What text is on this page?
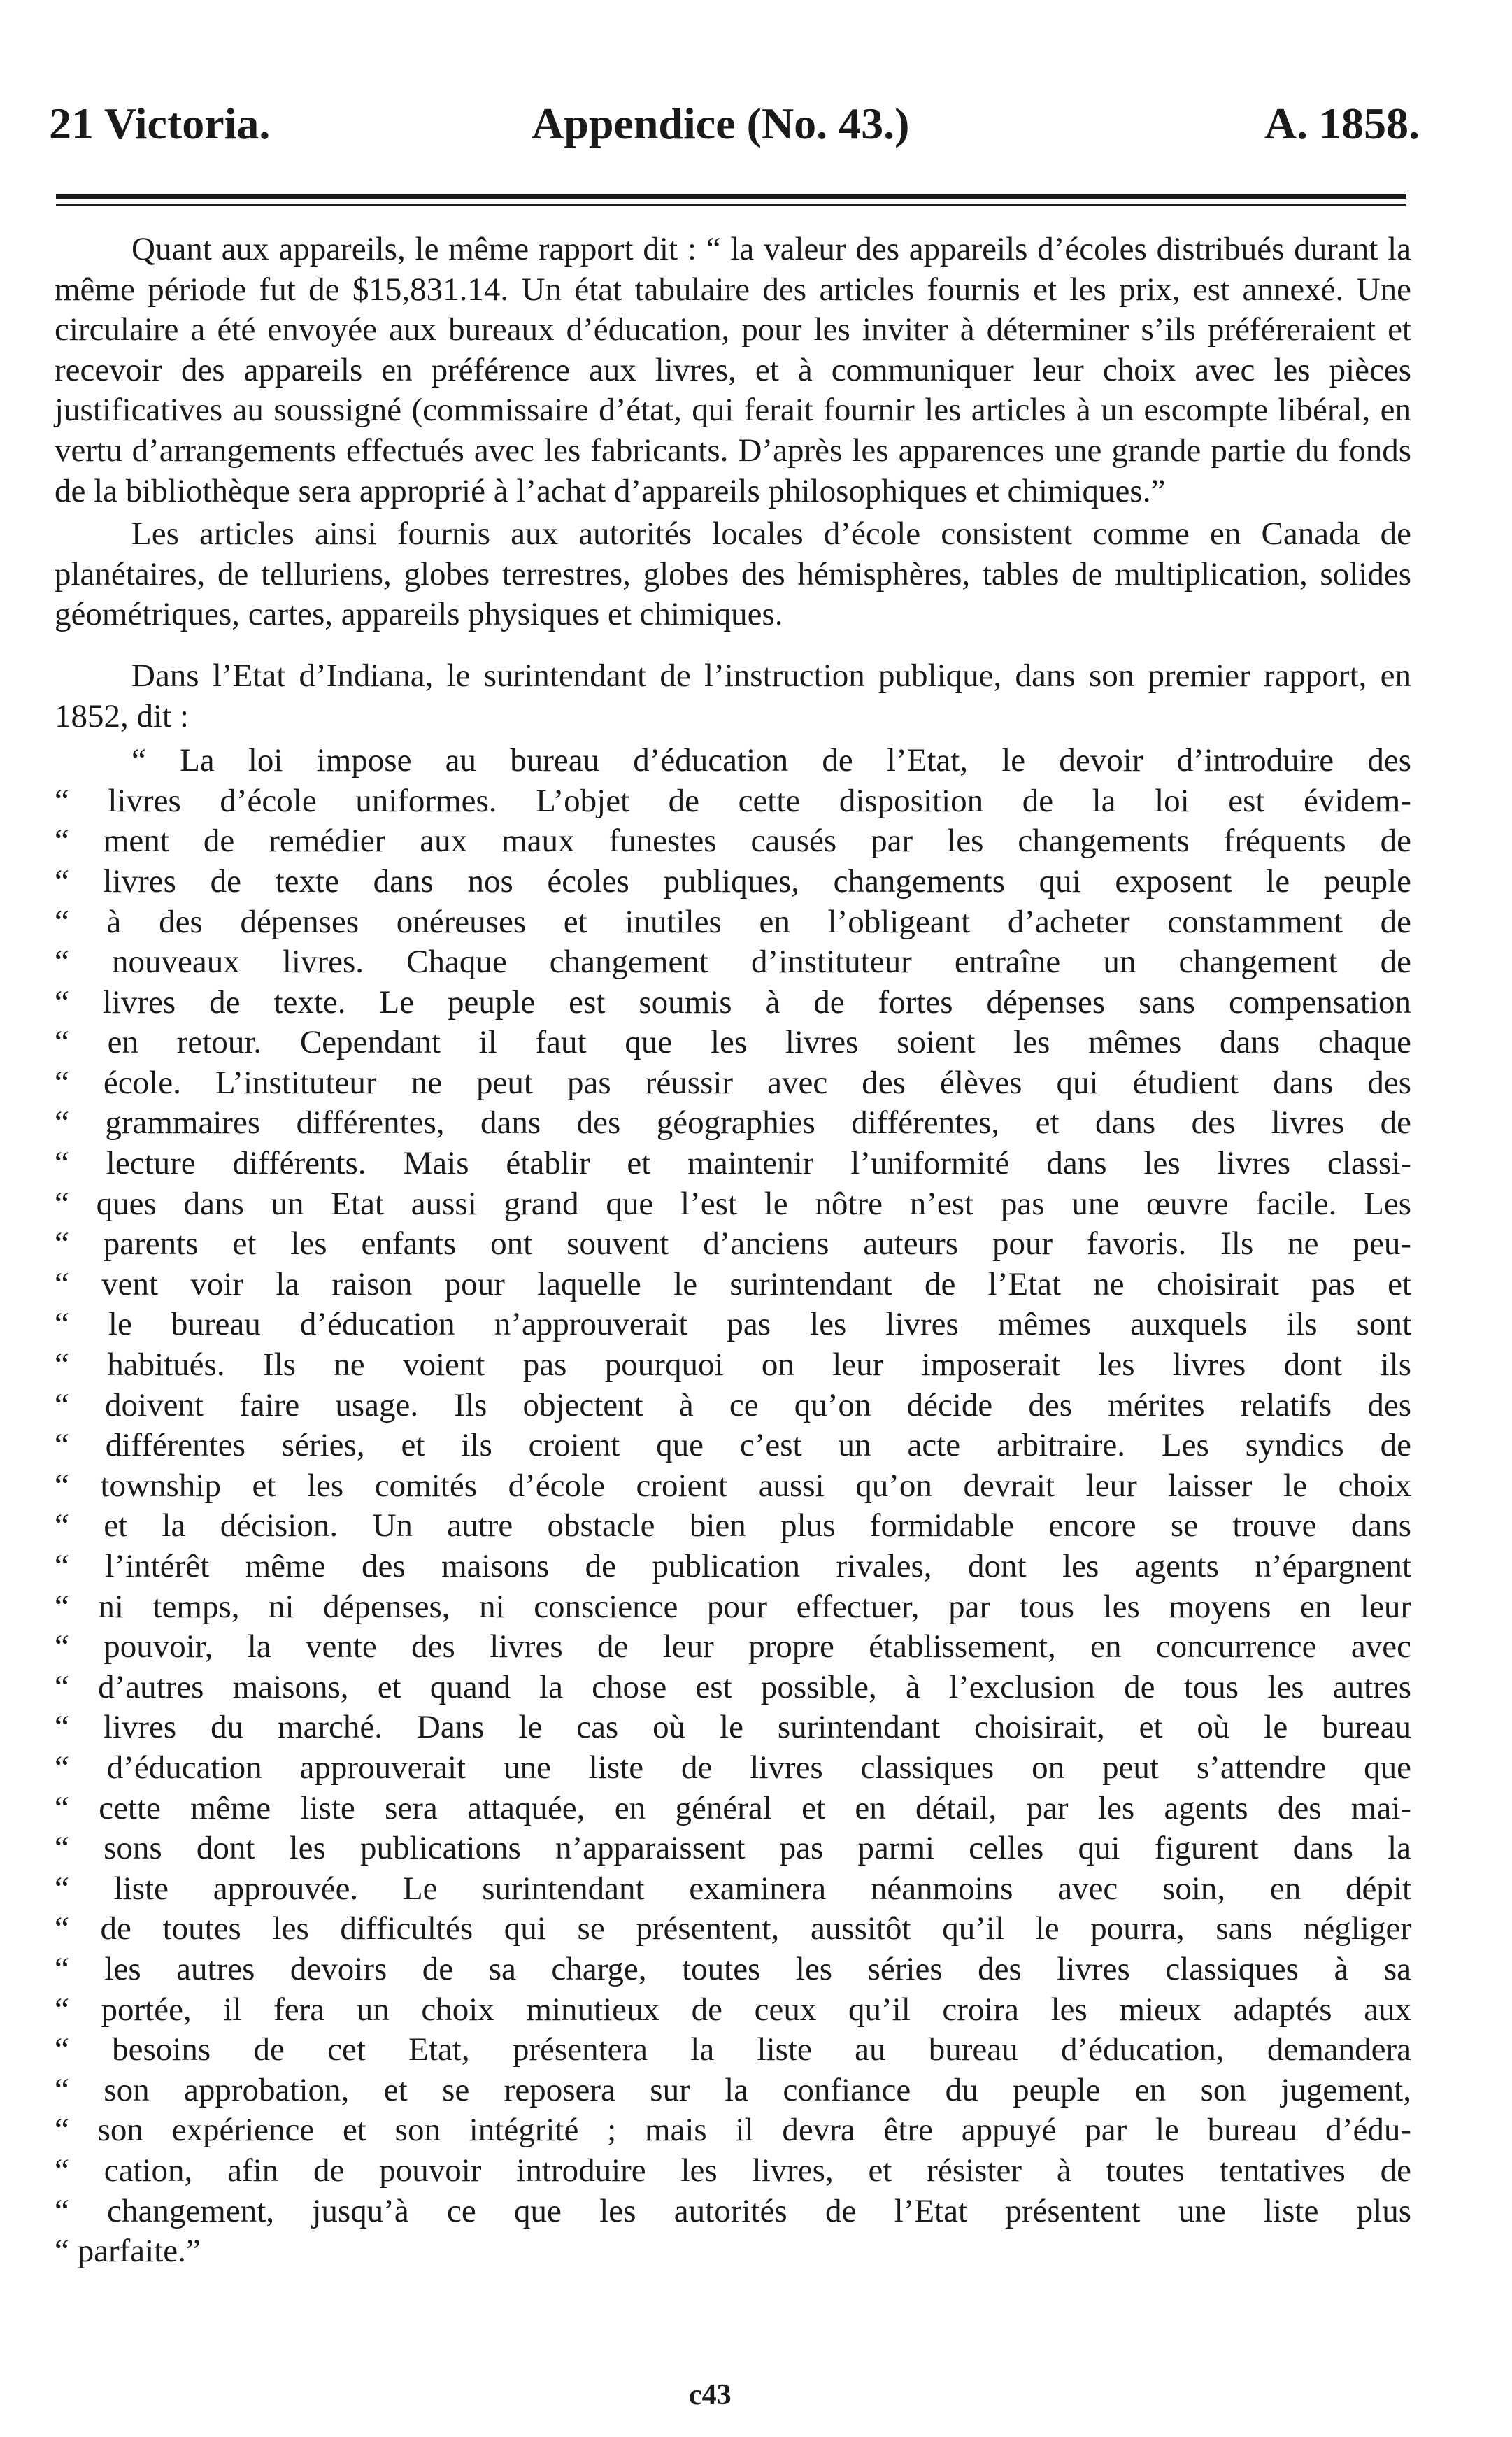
21 Victoria.	Appendice (No. 43.)	A. 1858.

Quant aux appareils, le même rapport dit : “ la valeur des appareils d’écoles distribués durant la même période fut de $15,831.14. Un état tabulaire des articles fournis et les prix, est annexé. Une circulaire a été envoyée aux bureaux d’éducation, pour les inviter à déterminer s’ils préféreraient et recevoir des appareils en préférence aux livres, et à communiquer leur choix avec les pièces justificatives au soussigné (commissaire d’état, qui ferait fournir les articles à un escompte libéral, en vertu d’arrangements effectués avec les fabricants. D’après les apparences une grande partie du fonds de la bibliothèque sera approprié à l’achat d’appareils philosophiques et chimiques.”

Les articles ainsi fournis aux autorités locales d’école consistent comme en Canada de planétaires, de telluriens, globes terrestres, globes des hémisphères, tables de multiplication, solides géométriques, cartes, appareils physiques et chimiques.

Dans l’Etat d’Indiana, le surintendant de l’instruction publique, dans son premier rapport, en 1852, dit :

“ La loi impose au bureau d’éducation de l’Etat, le devoir d’introduire des
“ livres d’école uniformes. L’objet de cette disposition de la loi est évidem-
“ ment de remédier aux maux funestes causés par les changements fréquents de
“ livres de texte dans nos écoles publiques, changements qui exposent le peuple
“ à des dépenses onéreuses et inutiles en l’obligeant d’acheter constamment de
“ nouveaux livres. Chaque changement d’instituteur entraîne un changement de
“ livres de texte. Le peuple est soumis à de fortes dépenses sans compensation
“ en retour. Cependant il faut que les livres soient les mêmes dans chaque
“ école. L’instituteur ne peut pas réussir avec des élèves qui étudient dans des
“ grammaires différentes, dans des géographies différentes, et dans des livres de
“ lecture différents. Mais établir et maintenir l’uniformité dans les livres classi-
“ ques dans un Etat aussi grand que l’est le nôtre n’est pas une œuvre facile. Les
“ parents et les enfants ont souvent d’anciens auteurs pour favoris. Ils ne peu-
“ vent voir la raison pour laquelle le surintendant de l’Etat ne choisirait pas et
“ le bureau d’éducation n’approuverait pas les livres mêmes auxquels ils sont
“ habitués. Ils ne voient pas pourquoi on leur imposerait les livres dont ils
“ doivent faire usage. Ils objectent à ce qu’on décide des mérites relatifs des
“ différentes séries, et ils croient que c’est un acte arbitraire. Les syndics de
“ township et les comités d’école croient aussi qu’on devrait leur laisser le choix
“ et la décision. Un autre obstacle bien plus formidable encore se trouve dans
“ l’intérêt même des maisons de publication rivales, dont les agents n’épargnent
“ ni temps, ni dépenses, ni conscience pour effectuer, par tous les moyens en leur
“ pouvoir, la vente des livres de leur propre établissement, en concurrence avec
“ d’autres maisons, et quand la chose est possible, à l’exclusion de tous les autres
“ livres du marché. Dans le cas où le surintendant choisirait, et où le bureau
“ d’éducation approuverait une liste de livres classiques on peut s’attendre que
“ cette même liste sera attaquée, en général et en détail, par les agents des mai-
“ sons dont les publications n’apparaissent pas parmi celles qui figurent dans la
“ liste approuvée. Le surintendant examinera néanmoins avec soin, en dépit
“ de toutes les difficultés qui se présentent, aussitôt qu’il le pourra, sans négliger
“ les autres devoirs de sa charge, toutes les séries des livres classiques à sa
“ portée, il fera un choix minutieux de ceux qu’il croira les mieux adaptés aux
“ besoins de cet Etat, présentera la liste au bureau d’éducation, demandera
“ son approbation, et se reposera sur la confiance du peuple en son jugement,
“ son expérience et son intégrité ; mais il devra être appuyé par le bureau d’édu-
“ cation, afin de pouvoir introduire les livres, et résister à toutes tentatives de
“ changement, jusqu’à ce que les autorités de l’Etat présentent une liste plus
“ parfaite.”
c43
